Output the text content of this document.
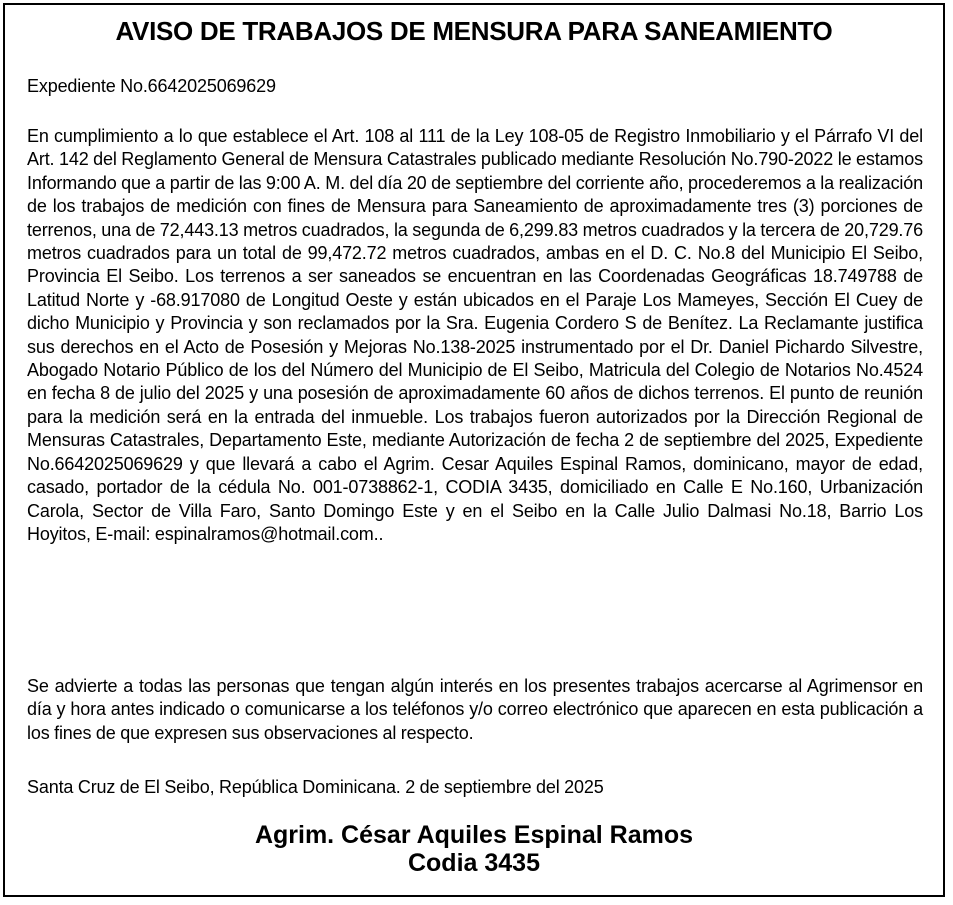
AVISO DE TRABAJOS DE MENSURA PARA SANEAMIENTO

Expediente No.6642025069629

En cumplimiento a lo que establece el Art. 108 al 111 de la Ley 108-05 de Registro Inmobiliario y el Párrafo VI del Art. 142 del Reglamento General de Mensura Catastrales publicado mediante Resolución No.790-2022 le estamos Informando que a partir de las 9:00 A. M. del día 20 de septiembre del corriente año, procederemos a la realización de los trabajos de medición con fines de Mensura para Saneamiento de aproximadamente tres (3) porciones de terrenos, una de 72,443.13 metros cuadrados, la segunda de 6,299.83 metros cuadrados y la tercera de 20,729.76 metros cuadrados para un total de 99,472.72 metros cuadrados, ambas en el D. C. No.8 del Municipio El Seibo, Provincia El Seibo. Los terrenos a ser saneados se encuentran en las Coordenadas Geográficas 18.749788 de Latitud Norte y -68.917080 de Longitud Oeste y están ubicados en el Paraje Los Mameyes, Sección El Cuey de dicho Municipio y Provincia y son reclamados por la Sra. Eugenia Cordero S de Benítez. La Reclamante justifica sus derechos en el Acto de Posesión y Mejoras No.138-2025 instrumentado por el Dr. Daniel Pichardo Silvestre, Abogado Notario Público de los del Número del Municipio de El Seibo, Matricula del Colegio de Notarios No.4524 en fecha 8 de julio del 2025 y una posesión de aproximadamente 60 años de dichos terrenos. El punto de reunión para la medición será en la entrada del inmueble. Los trabajos fueron autorizados por la Dirección Regional de Mensuras Catastrales, Departamento Este, mediante Autorización de fecha 2 de septiembre del 2025, Expediente No.6642025069629 y que llevará a cabo el Agrim. Cesar Aquiles Espinal Ramos, dominicano, mayor de edad, casado, portador de la cédula No. 001-0738862-1, CODIA 3435, domiciliado en Calle E No.160, Urbanización Carola, Sector de Villa Faro, Santo Domingo Este y en el Seibo en la Calle Julio Dalmasi No.18, Barrio Los Hoyitos, E-mail: espinalramos@hotmail.com..

Se advierte a todas las personas que tengan algún interés en los presentes trabajos acercarse al Agrimensor en día y hora antes indicado o comunicarse a los teléfonos y/o correo electrónico que aparecen en esta publicación a los fines de que expresen sus observaciones al respecto.

Santa Cruz de El Seibo, República Dominicana. 2 de septiembre del 2025

Agrim. César Aquiles Espinal Ramos
Codia 3435
